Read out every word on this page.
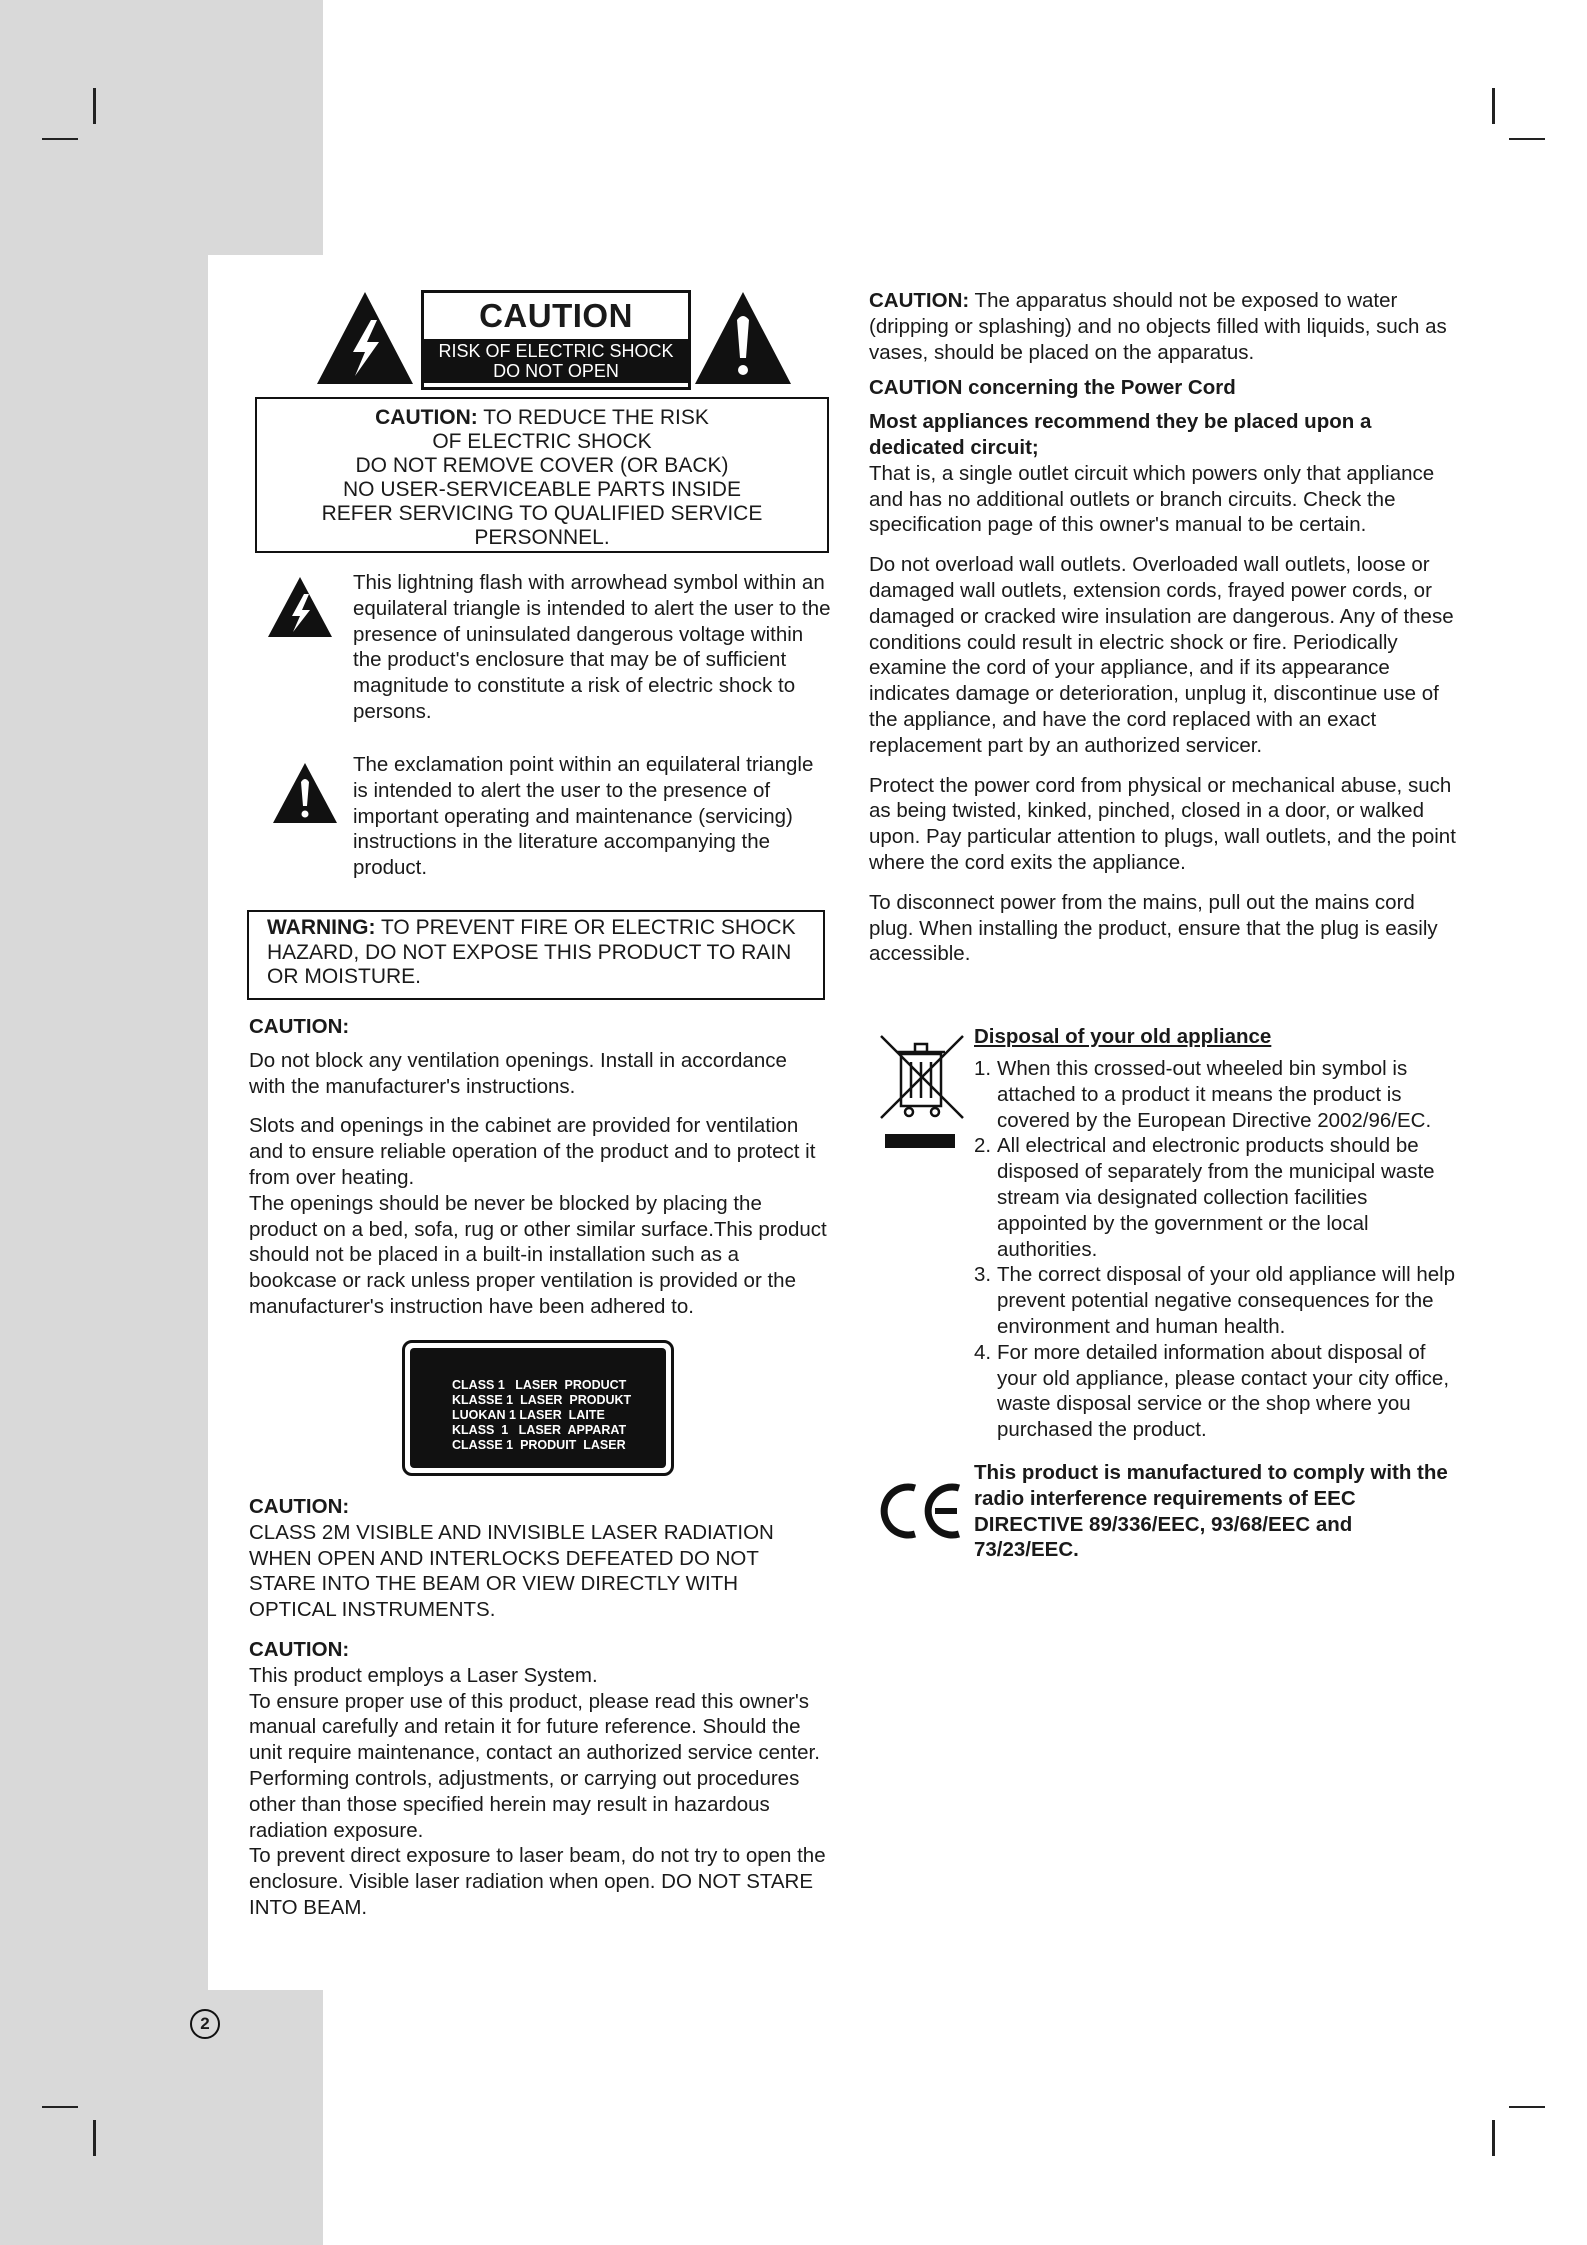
CAUTION
RISK OF ELECTRIC SHOCK
DO NOT OPEN
CAUTION: TO REDUCE THE RISK
OF ELECTRIC SHOCK
DO NOT REMOVE COVER (OR BACK)
NO USER-SERVICEABLE PARTS INSIDE
REFER SERVICING TO QUALIFIED SERVICE
PERSONNEL.
This lightning flash with arrowhead symbol within an equilateral triangle is intended to alert the user to the presence of uninsulated dangerous voltage within the product's enclosure that may be of sufficient magnitude to constitute a risk of electric shock to persons.
The exclamation point within an equilateral triangle is intended to alert the user to the presence of important operating and maintenance (servicing) instructions in the literature accompanying the product.
WARNING: TO PREVENT FIRE OR ELECTRIC SHOCK HAZARD, DO NOT EXPOSE THIS PRODUCT TO RAIN OR MOISTURE.

CAUTION:

Do not block any ventilation openings. Install in accordance with the manufacturer's instructions.

Slots and openings in the cabinet are provided for ventilation and to ensure reliable operation of the product and to protect it from over heating.

The openings should be never be blocked by placing the product on a bed, sofa, rug or other similar surface.This product should not be placed in a built-in installation such as a bookcase or rack unless proper ventilation is provided or the manufacturer's instruction have been adhered to.

CLASS 1   LASER  PRODUCT
KLASSE 1  LASER  PRODUKT
LUOKAN 1 LASER  LAITE
KLASS  1   LASER  APPARAT
CLASSE 1  PRODUIT  LASER

CAUTION:

CLASS 2M VISIBLE AND INVISIBLE LASER RADIATION WHEN OPEN AND INTERLOCKS DEFEATED DO NOT STARE INTO THE BEAM OR VIEW DIRECTLY WITH OPTICAL INSTRUMENTS.

CAUTION:

This product employs a Laser System.

To ensure proper use of this product, please read this owner's manual carefully and retain it for future reference. Should the unit require maintenance, contact an authorized service center.

Performing controls, adjustments, or carrying out procedures other than those specified herein may result in hazardous radiation exposure.

To prevent direct exposure to laser beam, do not try to open the enclosure. Visible laser radiation when open. DO NOT STARE INTO BEAM.

CAUTION: The apparatus should not be exposed to water (dripping or splashing) and no objects filled with liquids, such as vases, should be placed on the apparatus.

CAUTION concerning the Power Cord

Most appliances recommend they be placed upon a dedicated circuit;

That is, a single outlet circuit which powers only that appliance and has no additional outlets or branch circuits. Check the specification page of this owner's manual to be certain.

Do not overload wall outlets. Overloaded wall outlets, loose or damaged wall outlets, extension cords, frayed power cords, or damaged or cracked wire insulation are dangerous. Any of these conditions could result in electric shock or fire. Periodically examine the cord of your appliance, and if its appearance indicates damage or deterioration, unplug it, discontinue use of the appliance, and have the cord replaced with an exact replacement part by an authorized servicer.

Protect the power cord from physical or mechanical abuse, such as being twisted, kinked, pinched, closed in a door, or walked upon. Pay particular attention to plugs, wall outlets, and the point where the cord exits the appliance.

To disconnect power from the mains, pull out the mains cord plug. When installing the product, ensure that the plug is easily accessible.

Disposal of your old appliance
1. When this crossed-out wheeled bin symbol is attached to a product it means the product is covered by the European Directive 2002/96/EC.
2. All electrical and electronic products should be disposed of separately from the municipal waste stream via designated collection facilities appointed by the government or the local authorities.
3. The correct disposal of your old appliance will help prevent potential negative consequences for the environment and human health.
4. For more detailed information about disposal of your old appliance, please contact your city office, waste disposal service or the shop where you purchased the product.
This product is manufactured to comply with the radio interference requirements of EEC DIRECTIVE 89/336/EEC, 93/68/EEC and 73/23/EEC.
2
